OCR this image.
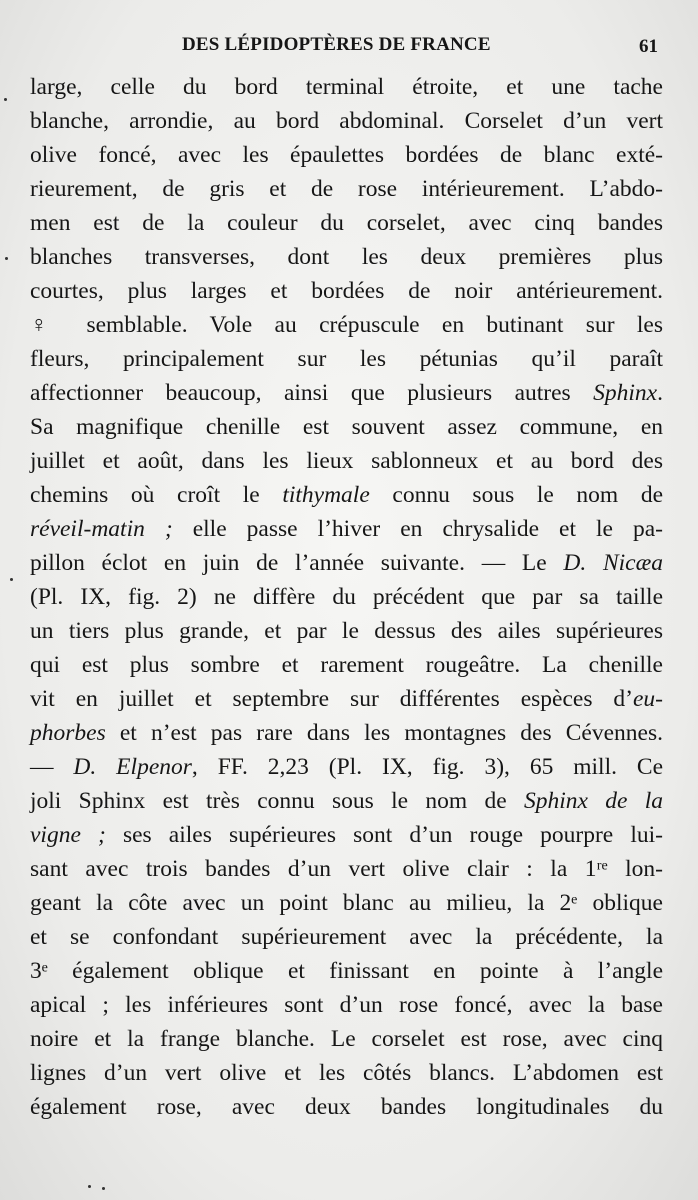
DES LÉPIDOPTÈRES DE FRANCE	61
large, celle du bord terminal étroite, et une tache
blanche, arrondie, au bord abdominal. Corselet d’un vert
olive foncé, avec les épaulettes bordées de blanc exté-
rieurement, de gris et de rose intérieurement. L’abdo-
men est de la couleur du corselet, avec cinq bandes
blanches transverses, dont les deux premières plus
courtes, plus larges et bordées de noir antérieurement.
♀ semblable. Vole au crépuscule en butinant sur les
fleurs, principalement sur les pétunias qu’il paraît
affectionner beaucoup, ainsi que plusieurs autres Sphinx.
Sa magnifique chenille est souvent assez commune, en
juillet et août, dans les lieux sablonneux et au bord des
chemins où croît le tithymale connu sous le nom de
réveil-matin ; elle passe l’hiver en chrysalide et le pa-
pillon éclot en juin de l’année suivante. — Le D. Nicæa
(Pl. IX, fig. 2) ne diffère du précédent que par sa taille
un tiers plus grande, et par le dessus des ailes supérieures
qui est plus sombre et rarement rougeâtre. La chenille
vit en juillet et septembre sur différentes espèces d’eu-
phorbes et n’est pas rare dans les montagnes des Cévennes.
— D. Elpenor, FF. 2,23 (Pl. IX, fig. 3), 65 mill. Ce
joli Sphinx est très connu sous le nom de Sphinx de la
vigne ; ses ailes supérieures sont d’un rouge pourpre lui-
sant avec trois bandes d’un vert olive clair : la 1ʳᵉ lon-
geant la côte avec un point blanc au milieu, la 2ᵉ oblique
et se confondant supérieurement avec la précédente, la
3ᵉ également oblique et finissant en pointe à l’angle
apical ; les inférieures sont d’un rose foncé, avec la base
noire et la frange blanche. Le corselet est rose, avec cinq
lignes d’un vert olive et les côtés blancs. L’abdomen est
également rose, avec deux bandes longitudinales du
